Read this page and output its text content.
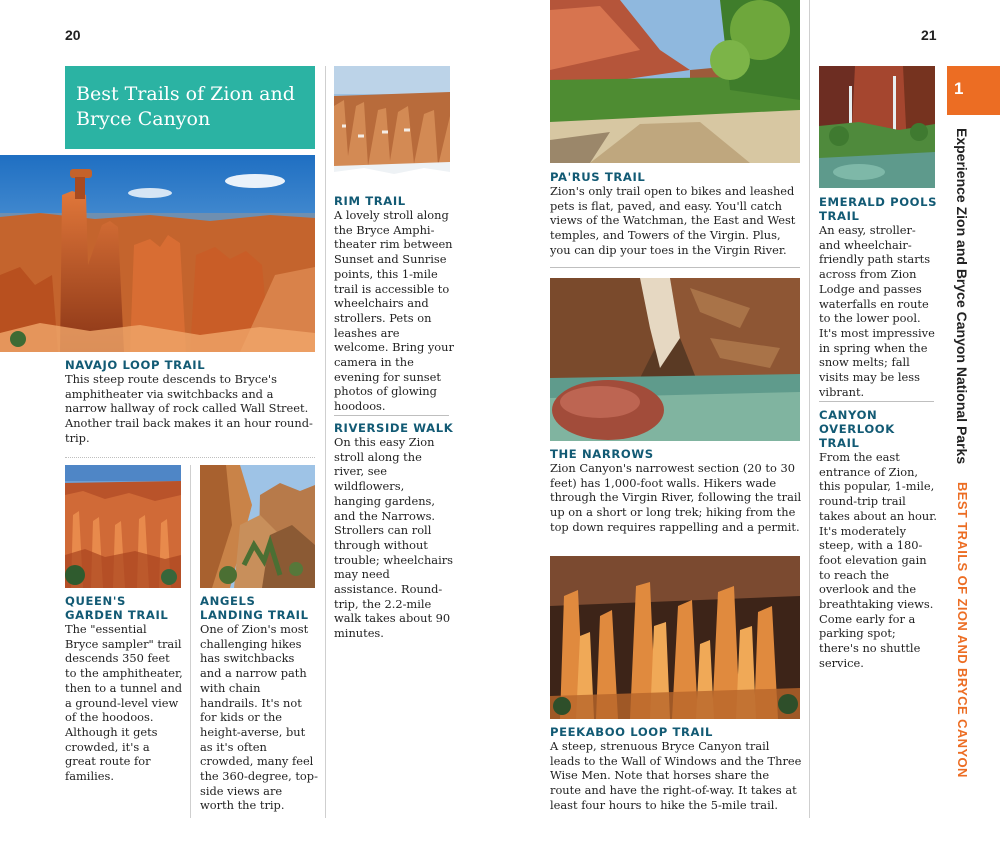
20	21
Best Trails of Zion and Bryce Canyon
NAVAJO LOOP TRAIL
This steep route descends to Bryce's amphitheater via switchbacks and a narrow hallway of rock called Wall Street. Another trail back makes it an hour round-trip.
RIM TRAIL
A lovely stroll along the Bryce Amphitheater rim between Sunset and Sunrise points, this 1-mile trail is accessible to wheelchairs and strollers. Pets on leashes are welcome. Bring your camera in the evening for sunset photos of glowing hoodoos.
RIVERSIDE WALK
On this easy Zion stroll along the river, see wildflowers, hanging gardens, and the Narrows. Strollers can roll through without trouble; wheelchairs may need assistance. Round-trip, the 2.2-mile walk takes about 90 minutes.
QUEEN'S GARDEN TRAIL
The "essential Bryce sampler" trail descends 350 feet to the amphitheater, then to a tunnel and a ground-level view of the hoodoos. Although it gets crowded, it's a great route for families.
ANGELS LANDING TRAIL
One of Zion's most challenging hikes has switchbacks and a narrow path with chain handrails. It's not for kids or the height-averse, but as it's often crowded, many feel the 360-degree, top-side views are worth the trip.
PA'RUS TRAIL
Zion's only trail open to bikes and leashed pets is flat, paved, and easy. You'll catch views of the Watchman, the East and West temples, and Towers of the Virgin. Plus, you can dip your toes in the Virgin River.
THE NARROWS
Zion Canyon's narrowest section (20 to 30 feet) has 1,000-foot walls. Hikers wade through the Virgin River, following the trail up on a short or long trek; hiking from the top down requires rappelling and a permit.
PEEKABOO LOOP TRAIL
A steep, strenuous Bryce Canyon trail leads to the Wall of Windows and the Three Wise Men. Note that horses share the route and have the right-of-way. It takes at least four hours to hike the 5-mile trail.
EMERALD POOLS TRAIL
An easy, stroller- and wheelchair-friendly path starts across from Zion Lodge and passes waterfalls en route to the lower pool. It's most impressive in spring when the snow melts; fall visits may be less vibrant.
CANYON OVERLOOK TRAIL
From the east entrance of Zion, this popular, 1-mile, round-trip trail takes about an hour. It's moderately steep, with a 180-foot elevation gain to reach the overlook and the breathtaking views. Come early for a parking spot; there's no shuttle service.
1
Experience Zion and Bryce Canyon National Parks BEST TRAILS OF ZION AND BRYCE CANYON
